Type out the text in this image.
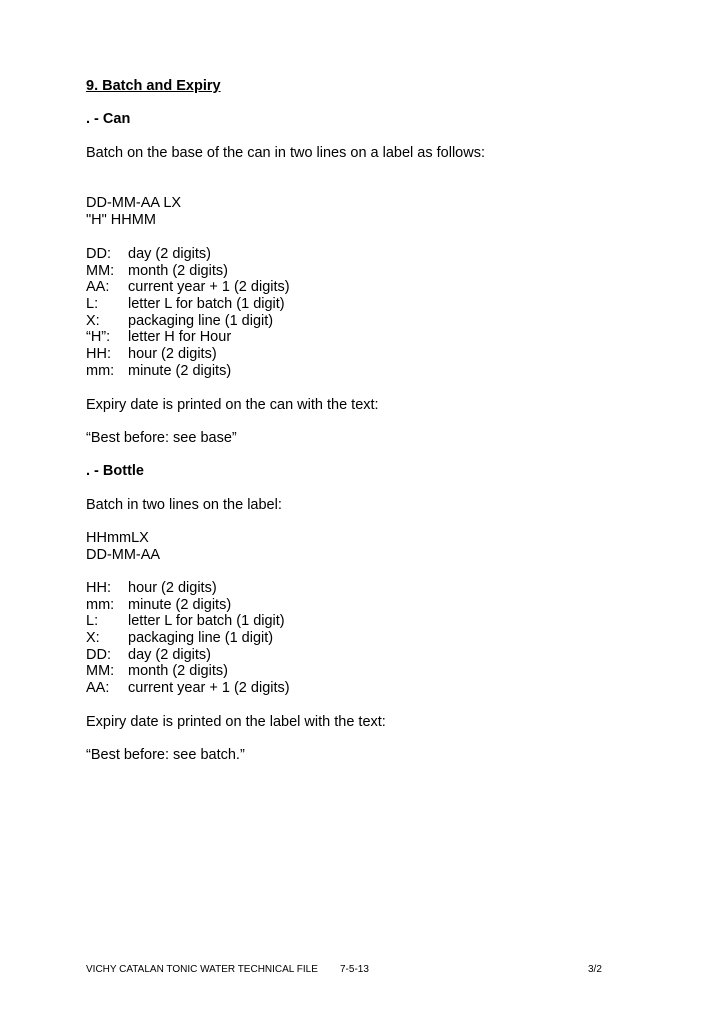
9. Batch and Expiry
. - Can
Batch on the base of the can in two lines on a label as follows:
DD-MM-AA LX
"H" HHMM
DD:	day (2 digits)
MM: month (2 digits)
AA:	current year + 1 (2 digits)
L:	letter L for batch (1 digit)
X:	packaging line (1 digit)
“H”:	letter H for Hour
HH:	hour (2 digits)
mm: minute (2 digits)
Expiry date is printed on the can with the text:
“Best before: see base”
. - Bottle
Batch in two lines on the label:
HHmmLX
DD-MM-AA
HH:	hour (2 digits)
mm: minute (2 digits)
L:	letter L for batch (1 digit)
X:	packaging line (1 digit)
DD:	day (2 digits)
MM: month (2 digits)
AA:	current year + 1 (2 digits)
Expiry date is printed on the label with the text:
“Best before: see batch.”
VICHY CATALAN TONIC WATER TECHNICAL FILE 7-5-13	3/2
